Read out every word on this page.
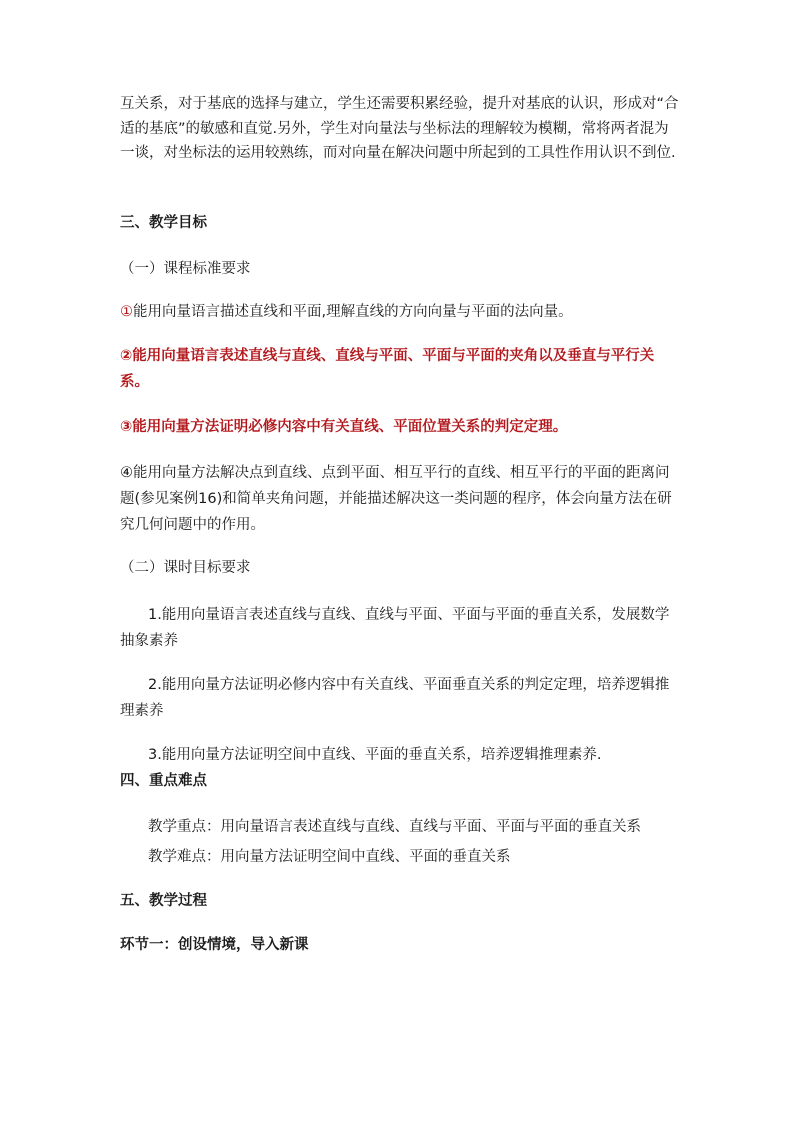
互关系，对于基底的选择与建立，学生还需要积累经验，提升对基底的认识，形成对“合适的基底”的敏感和直觉.另外，学生对向量法与坐标法的理解较为模糊，常将两者混为一谈，对坐标法的运用较熟练，而对向量在解决问题中所起到的工具性作用认识不到位.

三、教学目标

（一）课程标准要求

①能用向量语言描述直线和平面,理解直线的方向向量与平面的法向量。

②能用向量语言表述直线与直线、直线与平面、平面与平面的夹角以及垂直与平行关系。

③能用向量方法证明必修内容中有关直线、平面位置关系的判定定理。

④能用向量方法解决点到直线、点到平面、相互平行的直线、相互平行的平面的距离问题(参见案例16)和简单夹角问题，并能描述解决这一类问题的程序，体会向量方法在研究几何问题中的作用。

（二）课时目标要求

1.能用向量语言表述直线与直线、直线与平面、平面与平面的垂直关系，发展数学抽象素养

2.能用向量方法证明必修内容中有关直线、平面垂直关系的判定定理，培养逻辑推理素养

3.能用向量方法证明空间中直线、平面的垂直关系，培养逻辑推理素养.

四、重点难点

教学重点：用向量语言表述直线与直线、直线与平面、平面与平面的垂直关系

教学难点：用向量方法证明空间中直线、平面的垂直关系

五、教学过程

环节一：创设情境，导入新课
